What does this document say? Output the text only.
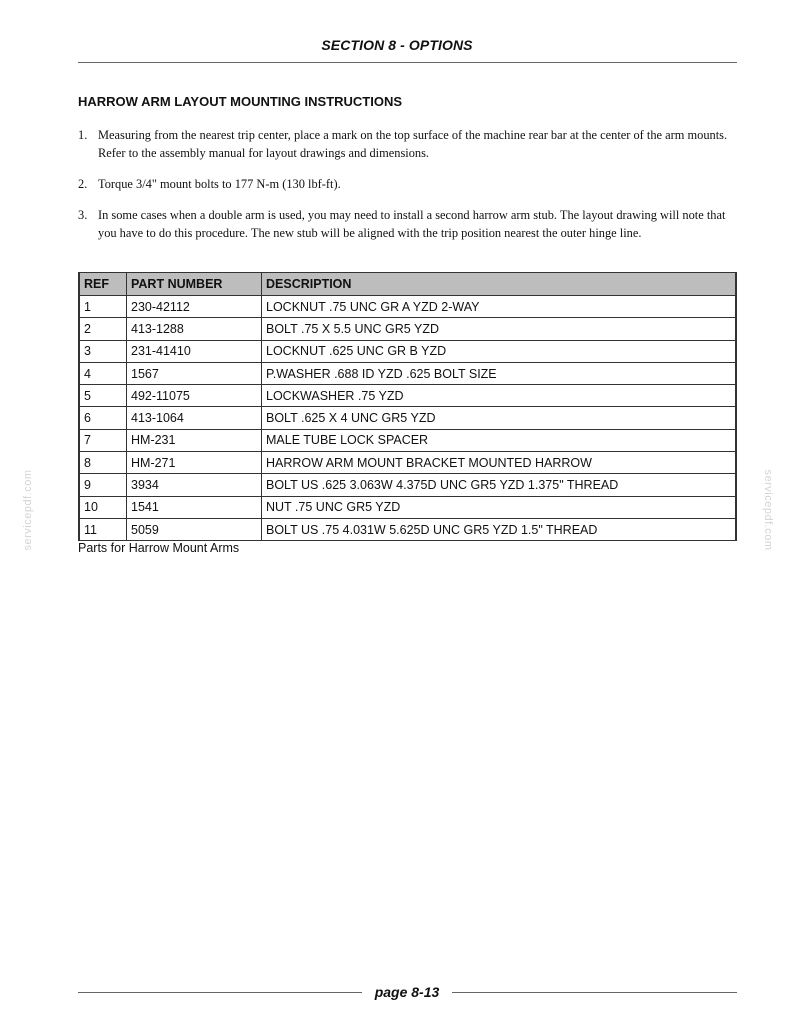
SECTION 8 - OPTIONS
HARROW ARM LAYOUT MOUNTING INSTRUCTIONS
1. Measuring from the nearest trip center, place a mark on the top surface of the machine rear bar at the center of the arm mounts. Refer to the assembly manual for layout drawings and dimensions.
2. Torque 3/4" mount bolts to 177 N-m (130 lbf-ft).
3. In some cases when a double arm is used, you may need to install a second harrow arm stub. The layout drawing will note that you have to do this procedure. The new stub will be aligned with the trip position nearest the outer hinge line.
REF	PART NUMBER	DESCRIPTION
1	230-42112	LOCKNUT .75 UNC GR A YZD 2-WAY
2	413-1288	BOLT .75 X 5.5 UNC GR5 YZD
3	231-41410	LOCKNUT .625 UNC GR B YZD
4	1567	P.WASHER .688 ID YZD .625 BOLT SIZE
5	492-11075	LOCKWASHER .75 YZD
6	413-1064	BOLT .625 X 4 UNC GR5 YZD
7	HM-231	MALE TUBE LOCK SPACER
8	HM-271	HARROW ARM MOUNT BRACKET MOUNTED HARROW
9	3934	BOLT US .625 3.063W 4.375D UNC GR5 YZD 1.375" THREAD
10	1541	NUT .75 UNC GR5 YZD
11	5059	BOLT US .75 4.031W 5.625D UNC GR5 YZD 1.5" THREAD
Parts for Harrow Mount Arms
servicepdf.com	servicepdf.com
page 8-13
